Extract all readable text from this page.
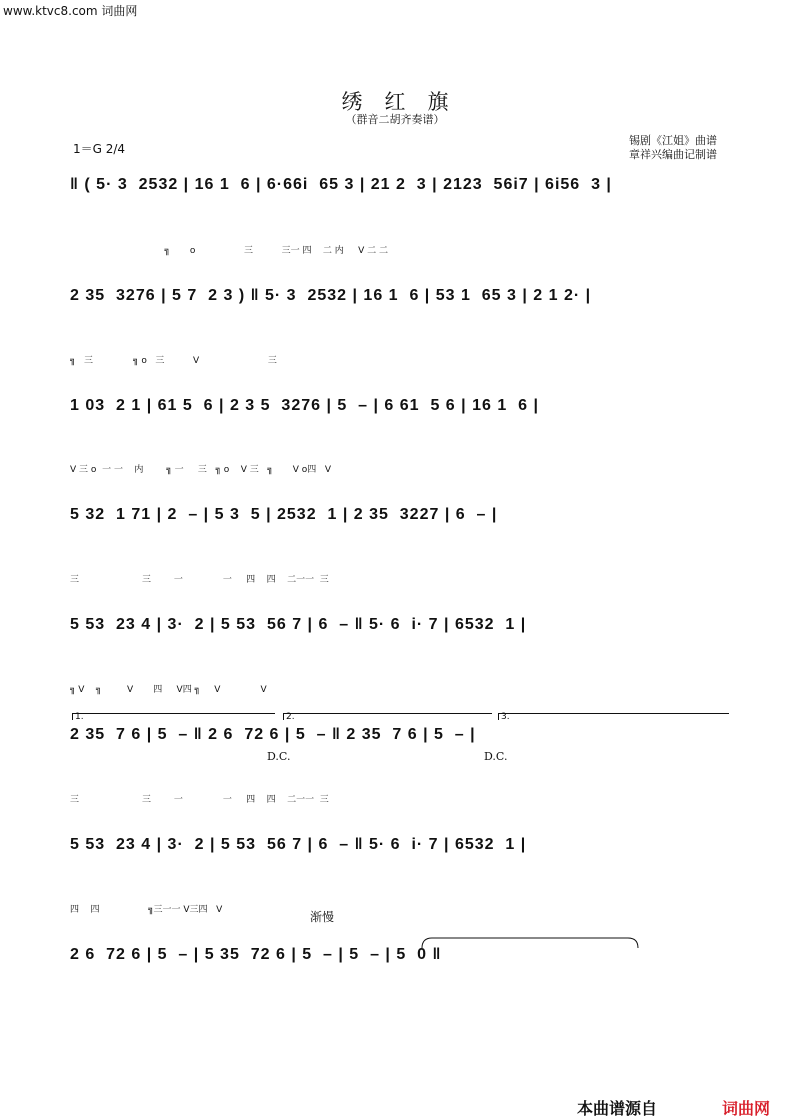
www.ktvc8.com 词曲网
绣红旗
（群音二胡齐奏谱）
1＝G 2/4
锡剧《江姐》曲谱
章祥兴编曲记制谱
‖ ( 5· 3  2532 | 16 1  6 | 6·66i  65 3 | 21 2  3 | 2123  56i7 | 6i56  3 |
╗       o                 三          三一 四    二 内     V 二 二
2 35  3276 | 5 7  2 3 ) ‖ 5· 3  2532 | 16 1  6 | 53 1  65 3 | 2 1 2· |
╗   三              ╗ o   三          V                        三
1 03  2 1 | 61 5  6 | 2 3 5  3276 | 5  – | 6 61  5 6 | 16 1  6 |
V 三 o  一 一    内        ╗ 一     三   ╗ o    V 三   ╗       V o四   V
5 32  1 71 | 2  – | 5 3  5 | 2532  1 | 2 35  3227 | 6  – |
三                      三        一              一     四    四    二一一  三
5 53  23 4 | 3·  2 | 5 53  56 7 | 6  – ‖ 5· 6  i· 7 | 6532  1 |
1.	2.	3.
╗ V    ╗         V       四     V四 ╗     V              V
2 35  7 6 | 5  – ‖ 2 6  72 6 | 5  – ‖ 2 35  7 6 | 5  – |
D.C.	D.C.
三                      三        一              一     四    四    二一一  三
5 53  23 4 | 3·  2 | 5 53  56 7 | 6  – ‖ 5· 6  i· 7 | 6532  1 |
渐慢
四    四                 ╗三一一 V三四   V
2 6  72 6 | 5  – | 5 35  72 6 | 5  – | 5  – | 5  0 ‖
本曲谱源自	词曲网
